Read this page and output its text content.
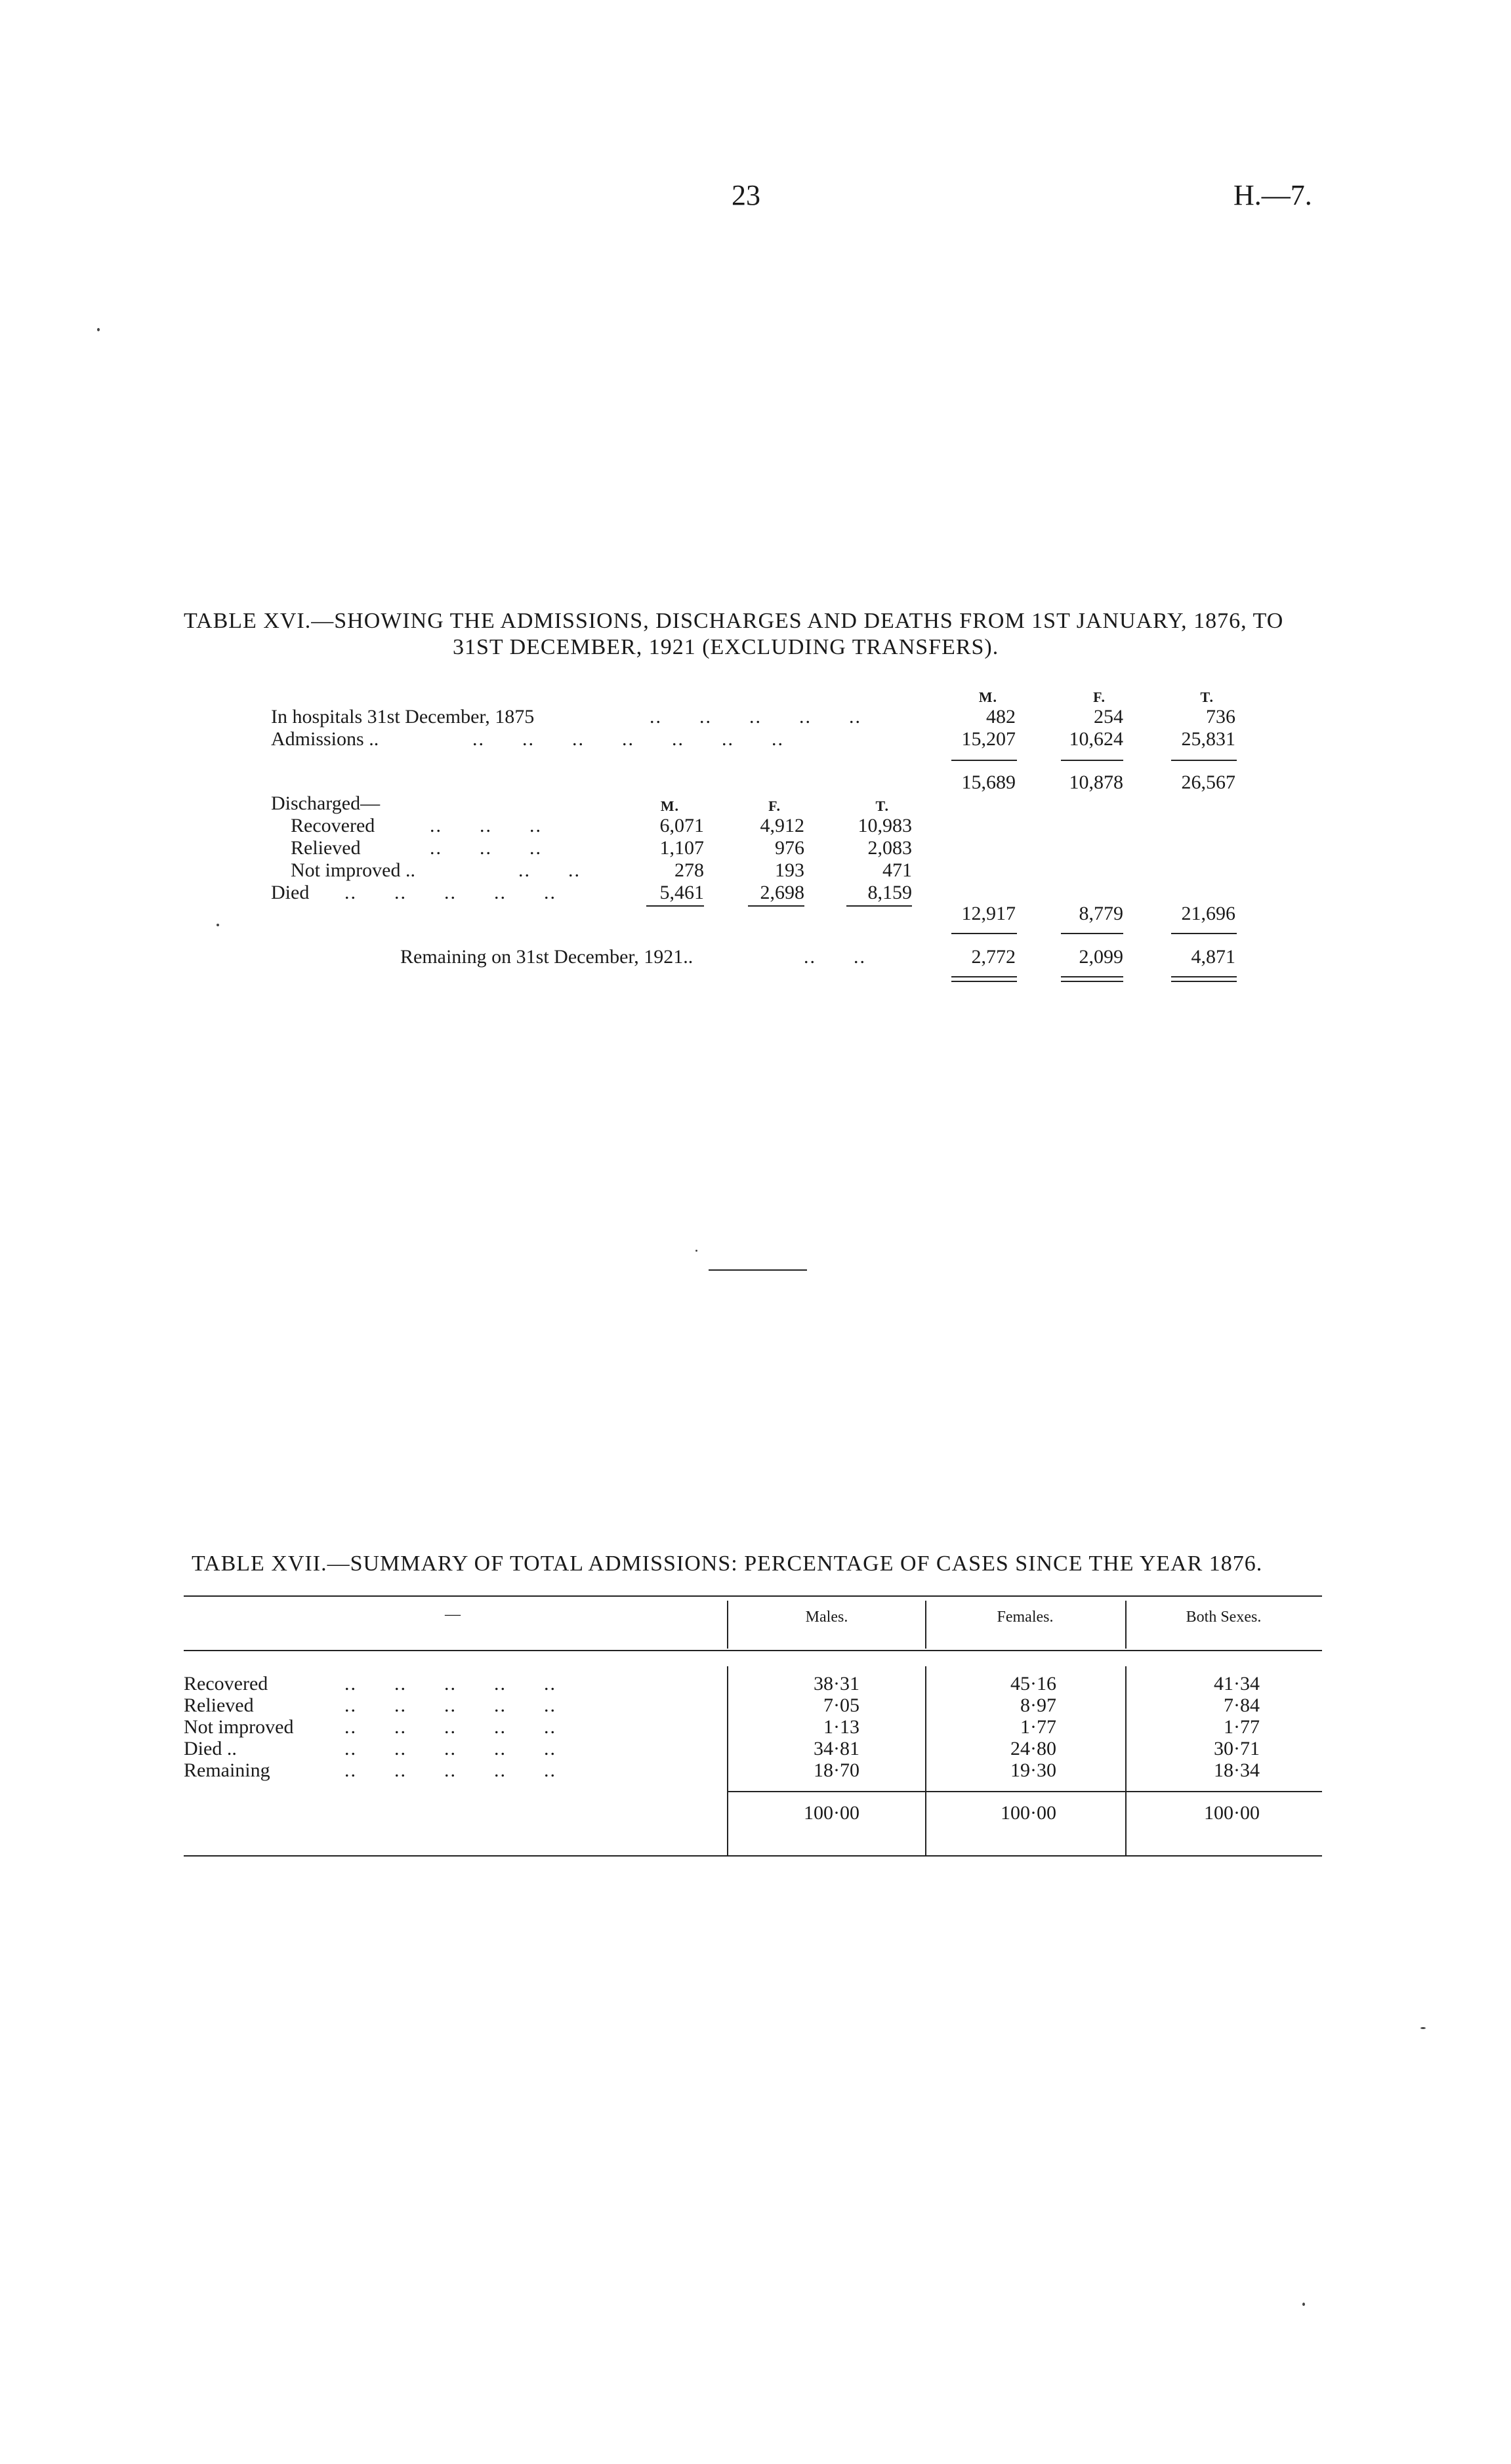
23	H.—7.
TABLE XVI.—SHOWING THE ADMISSIONS, DISCHARGES AND DEATHS FROM 1ST JANUARY, 1876, TO
31ST DECEMBER, 1921 (EXCLUDING TRANSFERS).
M.	F.	T.
In hospitals 31st December, 1875	..      ..      ..      ..      ..	482	254	736
Admissions ..	..      ..      ..      ..      ..      ..      ..	15,207	10,624	25,831
15,689	10,878	26,567
Discharged—	M.	F.	T.
Recovered	..      ..      ..	6,071	4,912	10,983
Relieved	..      ..      ..	1,107	976	2,083
Not improved ..	..      ..	278	193	471
Died ..      ..      ..      ..      ..	5,461	2,698	8,159
12,917	8,779	21,696
Remaining on 31st December, 1921..	..      ..	2,772	2,099	4,871
TABLE XVII.—SUMMARY OF TOTAL ADMISSIONS: PERCENTAGE OF CASES SINCE THE YEAR 1876.
—	Males.	Females.	Both Sexes.
Recovered	..      ..      ..      ..      ..	38·31	45·16	41·34
Relieved	..      ..      ..      ..      ..	7·05	8·97	7·84
Not improved	..      ..      ..      ..      ..	1·13	1·77	1·77
Died ..	..      ..      ..      ..      ..	34·81	24·80	30·71
Remaining	..      ..      ..      ..      ..	18·70	19·30	18·34
100·00	100·00	100·00
